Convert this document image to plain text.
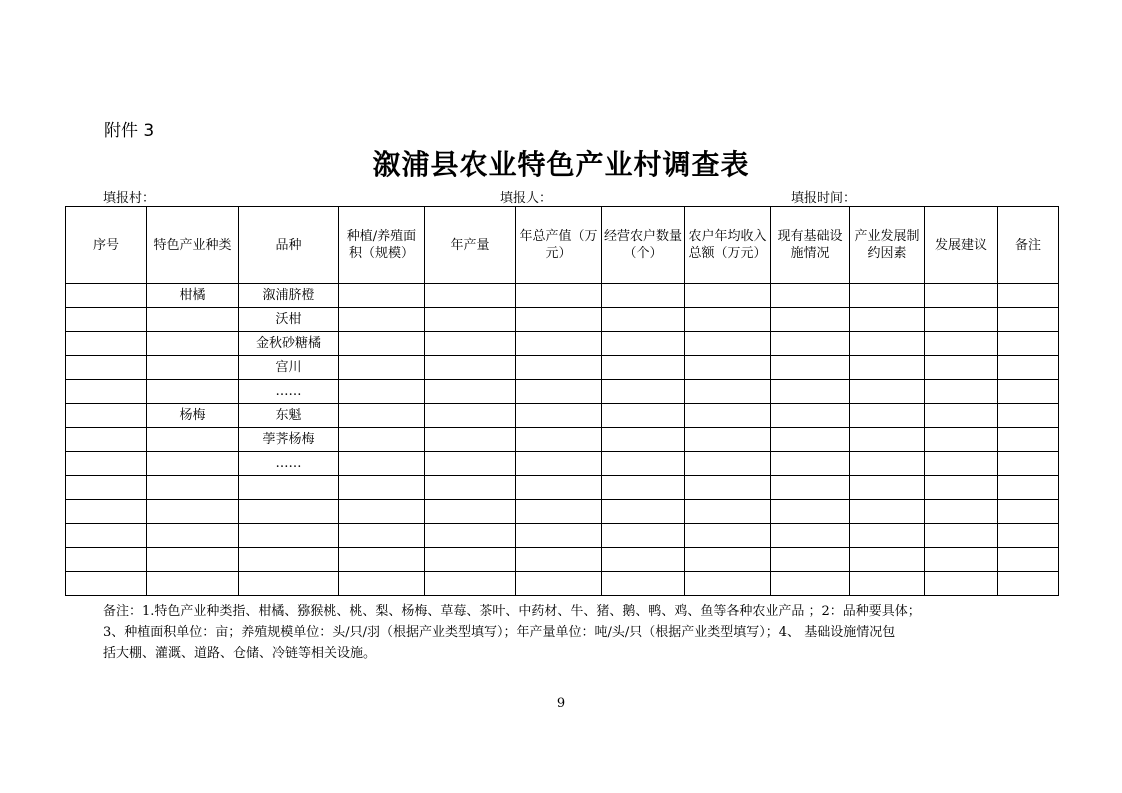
附件 3
溆浦县农业特色产业村调查表
填报村：	填报人：	填报时间：
序号	特色产业种类	品种	种植/养殖面积（规模）	年产量	年总产值（万元）	经营农户数量（个）	农户年均收入总额（万元）	现有基础设施情况	产业发展制约因素	发展建议	备注
	柑橘	溆浦脐橙									
		沃柑									
		金秋砂糖橘									
		宫川									
		……									
	杨梅	东魁									
		荸荠杨梅									
		……									

备注：1.特色产业种类指、柑橘、猕猴桃、桃、梨、杨梅、草莓、茶叶、中药材、牛、猪、鹅、鸭、鸡、鱼等各种农业产品 ；2：品种要具体；
3、种植面积单位：亩；养殖规模单位：头/只/羽（根据产业类型填写）；年产量单位：吨/头/只（根据产业类型填写）；4、 基础设施情况包
括大棚、灌溉、道路、仓储、冷链等相关设施。
9
